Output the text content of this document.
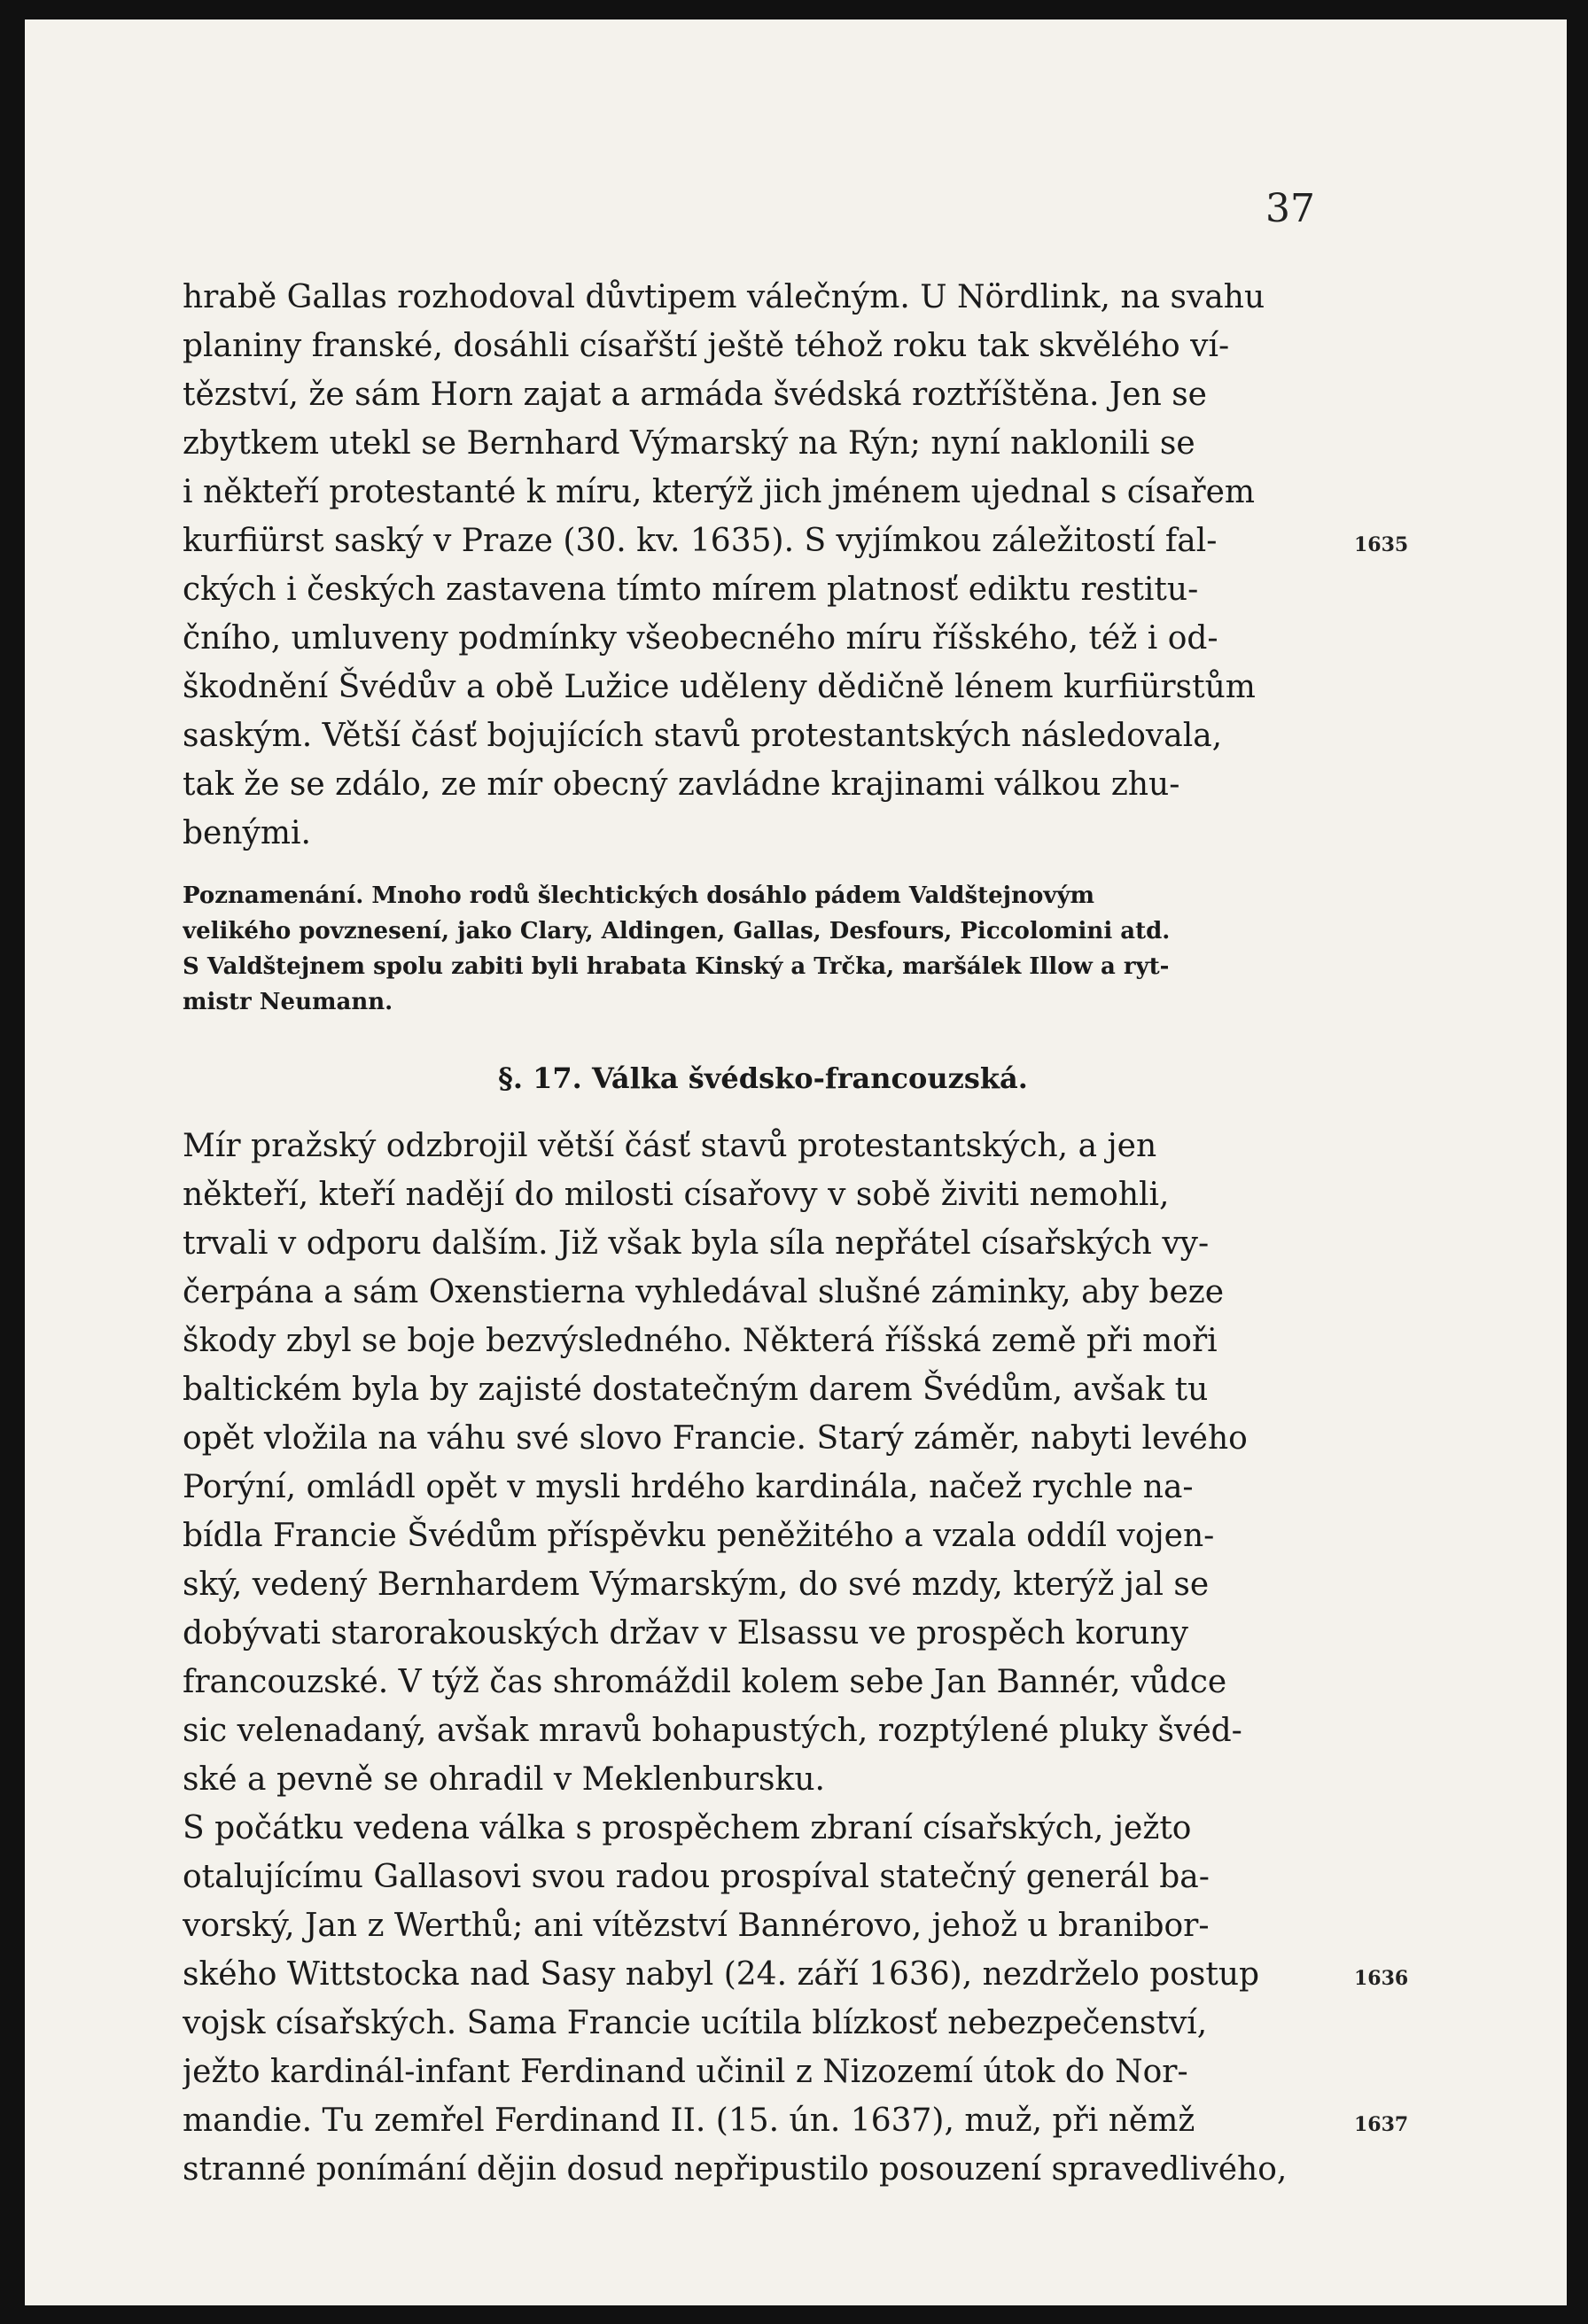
37
hrabě Gallas rozhodoval důvtipem válečným. U Nördlink, na svahu
planiny franské, dosáhli císařští ještě téhož roku tak skvělého ví-
tězství, že sám Horn zajat a armáda švédská roztříštěna. Jen se
zbytkem utekl se Bernhard Výmarský na Rýn; nyní naklonili se
i někteří protestanté k míru, kterýž jich jménem ujednal s císařem
kurfiürst saský v Praze (30. kv. 1635). S vyjímkou záležitostí fal-
ckých i českých zastavena tímto mírem platnosť ediktu restitu-
čního, umluveny podmínky všeobecného míru říšského, též i od-
škodnění Švédův a obě Lužice uděleny dědičně lénem kurfiürstům
saským. Větší čásť bojujících stavů protestantských následovala,
tak že se zdálo, ze mír obecný zavládne krajinami válkou zhu-
benými.
Poznamenání. Mnoho rodů šlechtických dosáhlo pádem Valdštejnovým
velikého povznesení, jako Clary, Aldingen, Gallas, Desfours, Piccolomini atd.
S Valdštejnem spolu zabiti byli hrabata Kinský a Trčka, maršálek Illow a ryt-
mistr Neumann.
§. 17. Válka švédsko-francouzská.
Mír pražský odzbrojil větší čásť stavů protestantských, a jen
někteří, kteří nadějí do milosti císařovy v sobě živiti nemohli,
trvali v odporu dalším. Již však byla síla nepřátel císařských vy-
čerpána a sám Oxenstierna vyhledával slušné záminky, aby beze
škody zbyl se boje bezvýsledného. Některá říšská země při moři
baltickém byla by zajisté dostatečným darem Švédům, avšak tu
opět vložila na váhu své slovo Francie. Starý záměr, nabyti levého
Porýní, omládl opět v mysli hrdého kardinála, načež rychle na-
bídla Francie Švédům příspěvku peněžitého a vzala oddíl vojen-
ský, vedený Bernhardem Výmarským, do své mzdy, kterýž jal se
dobývati starorakouských držav v Elsassu ve prospěch koruny
francouzské. V týž čas shromáždil kolem sebe Jan Bannér, vůdce
sic velenadaný, avšak mravů bohapustých, rozptýlené pluky švéd-
ské a pevně se ohradil v Meklenbursku.
S počátku vedena válka s prospěchem zbraní císařských, ježto
otalujícímu Gallasovi svou radou prospíval statečný generál ba-
vorský, Jan z Werthů; ani vítězství Bannérovo, jehož u branibor-
ského Wittstocka nad Sasy nabyl (24. září 1636), nezdrželo postup
vojsk císařských. Sama Francie ucítila blízkosť nebezpečenství,
ježto kardinál-infant Ferdinand učinil z Nizozemí útok do Nor-
mandie. Tu zemřel Ferdinand II. (15. ún. 1637), muž, při němž
stranné ponímání dějin dosud nepřipustilo posouzení spravedlivého,
1635
1636
1637
